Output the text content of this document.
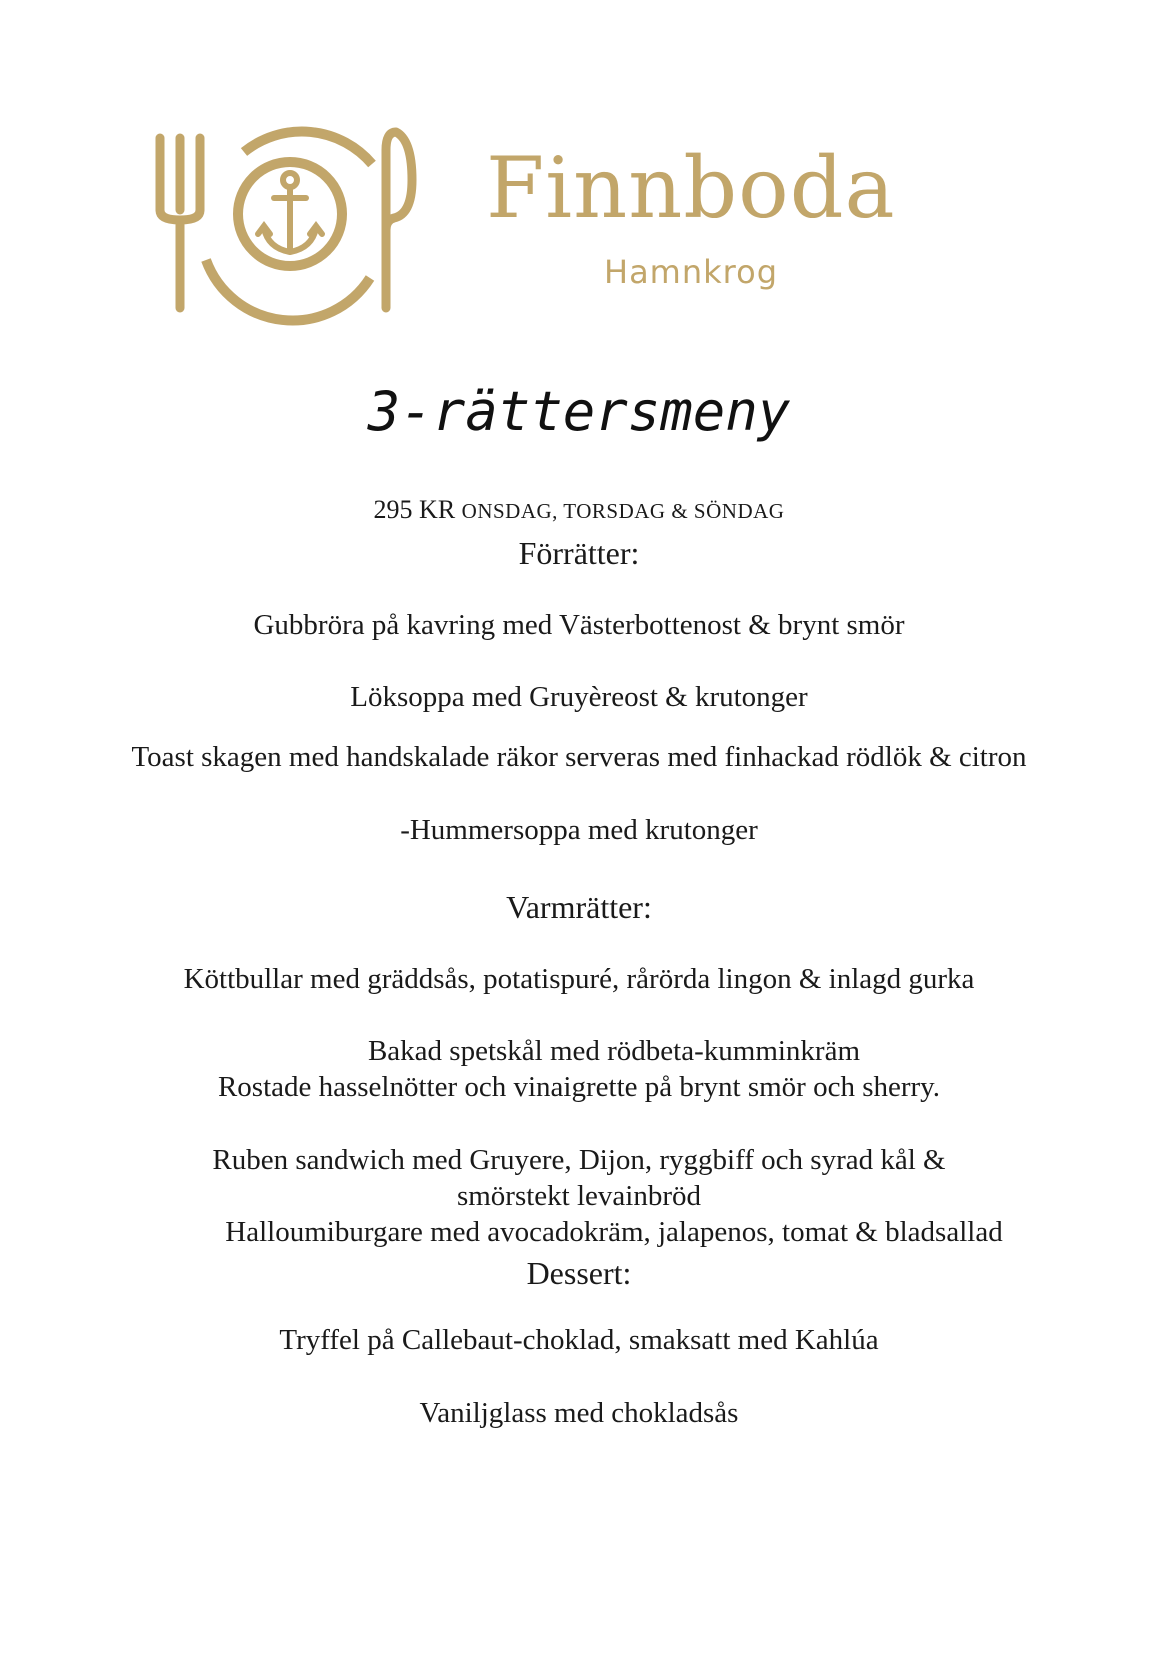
Finnboda
Hamnkrog
3-rättersmeny
295 KR ONSDAG, TORSDAG & SÖNDAG
Förrätter:
Gubbröra på kavring med Västerbottenost & brynt smör
Löksoppa med Gruyèreost & krutonger
Toast skagen med handskalade räkor serveras med finhackad rödlök & citron
-Hummersoppa med krutonger
Varmrätter:
Köttbullar med gräddsås, potatispuré, rårörda lingon & inlagd gurka
Bakad spetskål med rödbeta-kumminkräm
Rostade hasselnötter och vinaigrette på brynt smör och sherry.
Ruben sandwich med Gruyere, Dijon, ryggbiff och syrad kål &
smörstekt levainbröd
Halloumiburgare med avocadokräm, jalapenos, tomat & bladsallad
Dessert:
Tryffel på Callebaut-choklad, smaksatt med Kahlúa
Vaniljglass med chokladsås
